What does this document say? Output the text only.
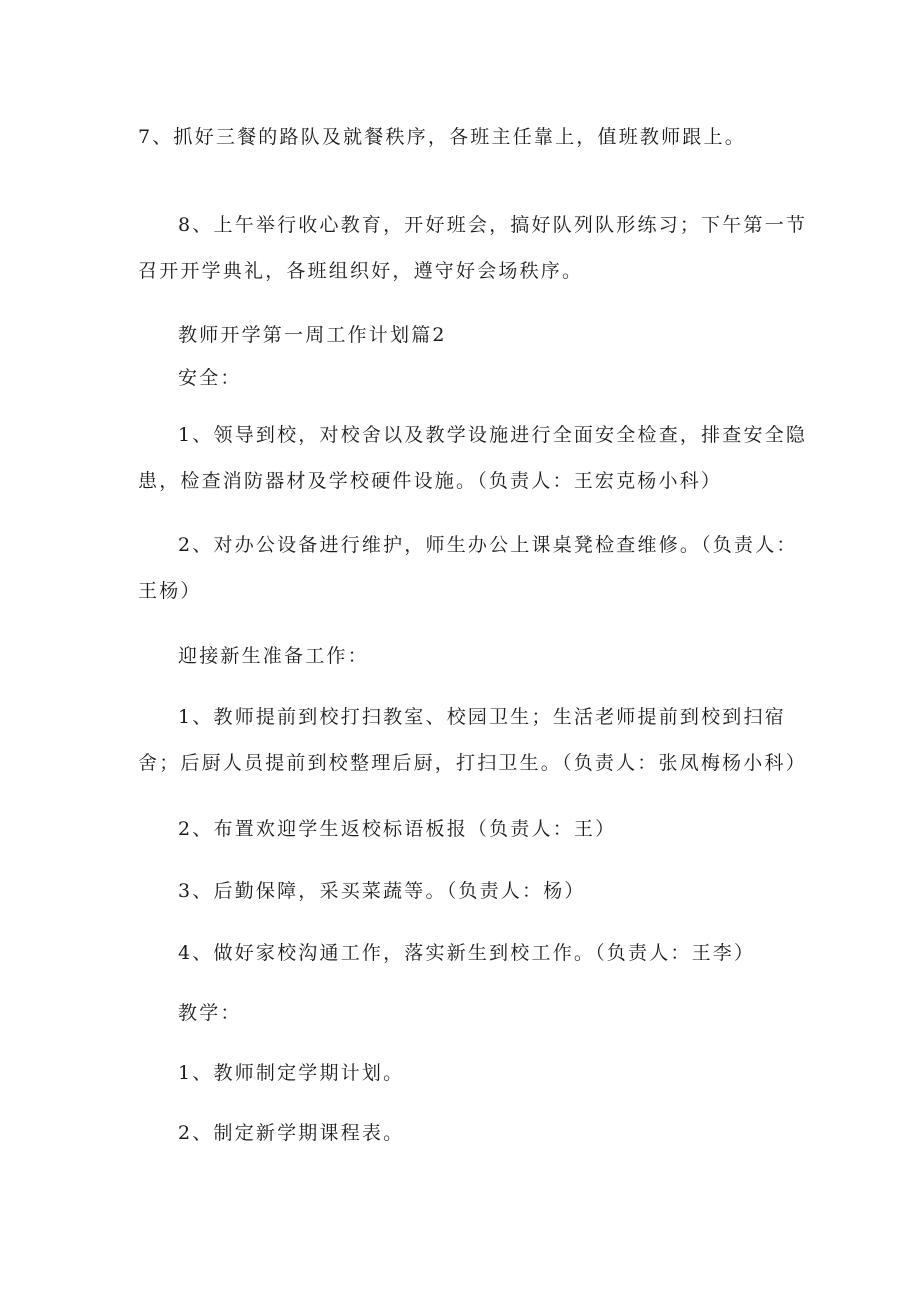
7、抓好三餐的路队及就餐秩序，各班主任靠上，值班教师跟上。

8、上午举行收心教育，开好班会，搞好队列队形练习；下午第一节
召开开学典礼，各班组织好，遵守好会场秩序。

教师开学第一周工作计划篇2

安全：

1、领导到校，对校舍以及教学设施进行全面安全检查，排查安全隐
患，检查消防器材及学校硬件设施。（负责人：王宏克杨小科）

2、对办公设备进行维护，师生办公上课桌凳检查维修。（负责人：
王杨）

迎接新生准备工作：

1、教师提前到校打扫教室、校园卫生；生活老师提前到校到扫宿
舍；后厨人员提前到校整理后厨，打扫卫生。（负责人：张凤梅杨小科）

2、布置欢迎学生返校标语板报（负责人：王）

3、后勤保障，采买菜蔬等。（负责人：杨）

4、做好家校沟通工作，落实新生到校工作。（负责人：王李）

教学：

1、教师制定学期计划。

2、制定新学期课程表。
